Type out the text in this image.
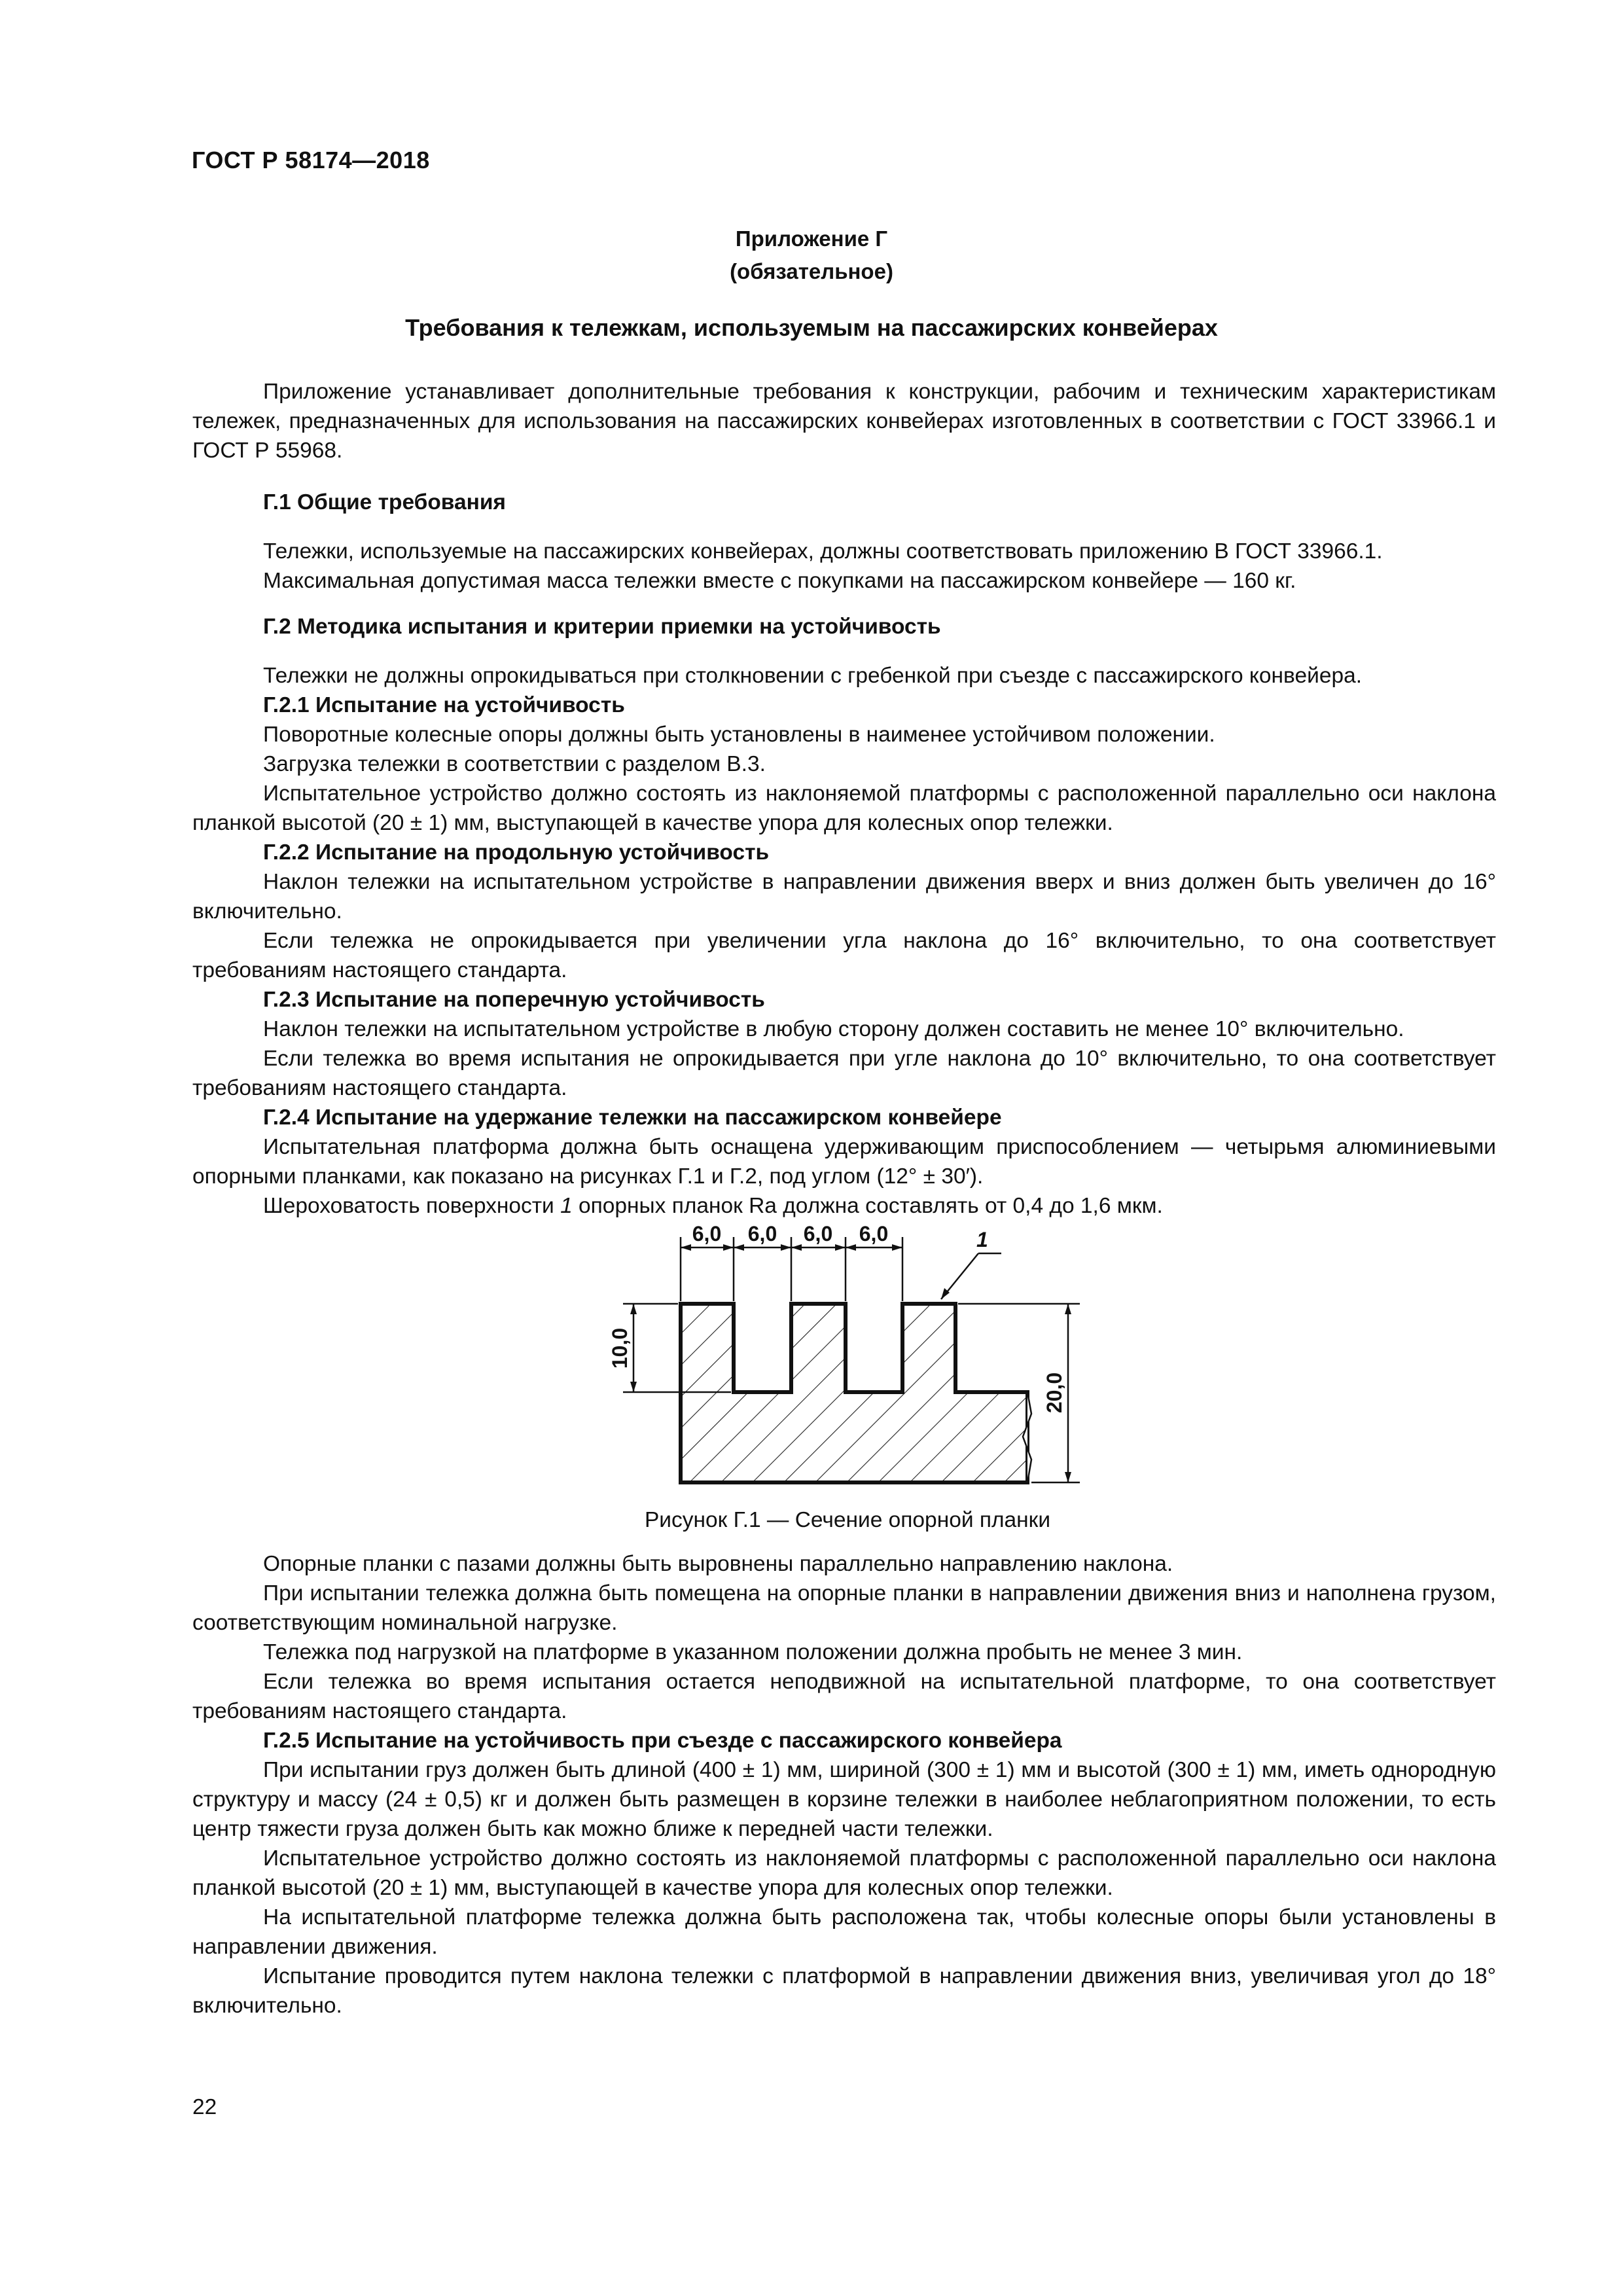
ГОСТ Р 58174—2018
Приложение Г
(обязательное)
Требования к тележкам, используемым на пассажирских конвейерах

Приложение устанавливает дополнительные требования к конструкции, рабочим и техническим характеристикам тележек, предназначенных для использования на пассажирских конвейерах изготовленных в соответствии с ГОСТ 33966.1 и ГОСТ Р 55968.

Г.1 Общие требования

Тележки, используемые на пассажирских конвейерах, должны соответствовать приложению В ГОСТ 33966.1.

Максимальная допустимая масса тележки вместе с покупками на пассажирском конвейере — 160 кг.

Г.2 Методика испытания и критерии приемки на устойчивость

Тележки не должны опрокидываться при столкновении с гребенкой при съезде с пассажирского конвейера.

Г.2.1 Испытание на устойчивость

Поворотные колесные опоры должны быть установлены в наименее устойчивом положении.

Загрузка тележки в соответствии с разделом В.3.

Испытательное устройство должно состоять из наклоняемой платформы с расположенной параллельно оси наклона планкой высотой (20 ± 1) мм, выступающей в качестве упора для колесных опор тележки.

Г.2.2 Испытание на продольную устойчивость

Наклон тележки на испытательном устройстве в направлении движения вверх и вниз должен быть увеличен до 16° включительно.

Если тележка не опрокидывается при увеличении угла наклона до 16° включительно, то она соответствует требованиям настоящего стандарта.

Г.2.3 Испытание на поперечную устойчивость

Наклон тележки на испытательном устройстве в любую сторону должен составить не менее 10° включительно.

Если тележка во время испытания не опрокидывается при угле наклона до 10° включительно, то она соответствует требованиям настоящего стандарта.

Г.2.4 Испытание на удержание тележки на пассажирском конвейере

Испытательная платформа должна быть оснащена удерживающим приспособлением — четырьмя алюминиевыми опорными планками, как показано на рисунках Г.1 и Г.2, под углом (12° ± 30′).

Шероховатость поверхности 1 опорных планок Ra должна составлять от 0,4 до 1,6 мкм.

6,0 6,0 6,0 6,0	1
10,0
20,0
Рисунок Г.1 — Сечение опорной планки

Опорные планки с пазами должны быть выровнены параллельно направлению наклона.

При испытании тележка должна быть помещена на опорные планки в направлении движения вниз и наполнена грузом, соответствующим номинальной нагрузке.

Тележка под нагрузкой на платформе в указанном положении должна пробыть не менее 3 мин.

Если тележка во время испытания остается неподвижной на испытательной платформе, то она соответствует требованиям настоящего стандарта.

Г.2.5 Испытание на устойчивость при съезде с пассажирского конвейера

При испытании груз должен быть длиной (400 ± 1) мм, шириной (300 ± 1) мм и высотой (300 ± 1) мм, иметь однородную структуру и массу (24 ± 0,5) кг и должен быть размещен в корзине тележки в наиболее неблагоприятном положении, то есть центр тяжести груза должен быть как можно ближе к передней части тележки.

Испытательное устройство должно состоять из наклоняемой платформы с расположенной параллельно оси наклона планкой высотой (20 ± 1) мм, выступающей в качестве упора для колесных опор тележки.

На испытательной платформе тележка должна быть расположена так, чтобы колесные опоры были установлены в направлении движения.

Испытание проводится путем наклона тележки с платформой в направлении движения вниз, увеличивая угол до 18° включительно.

22
